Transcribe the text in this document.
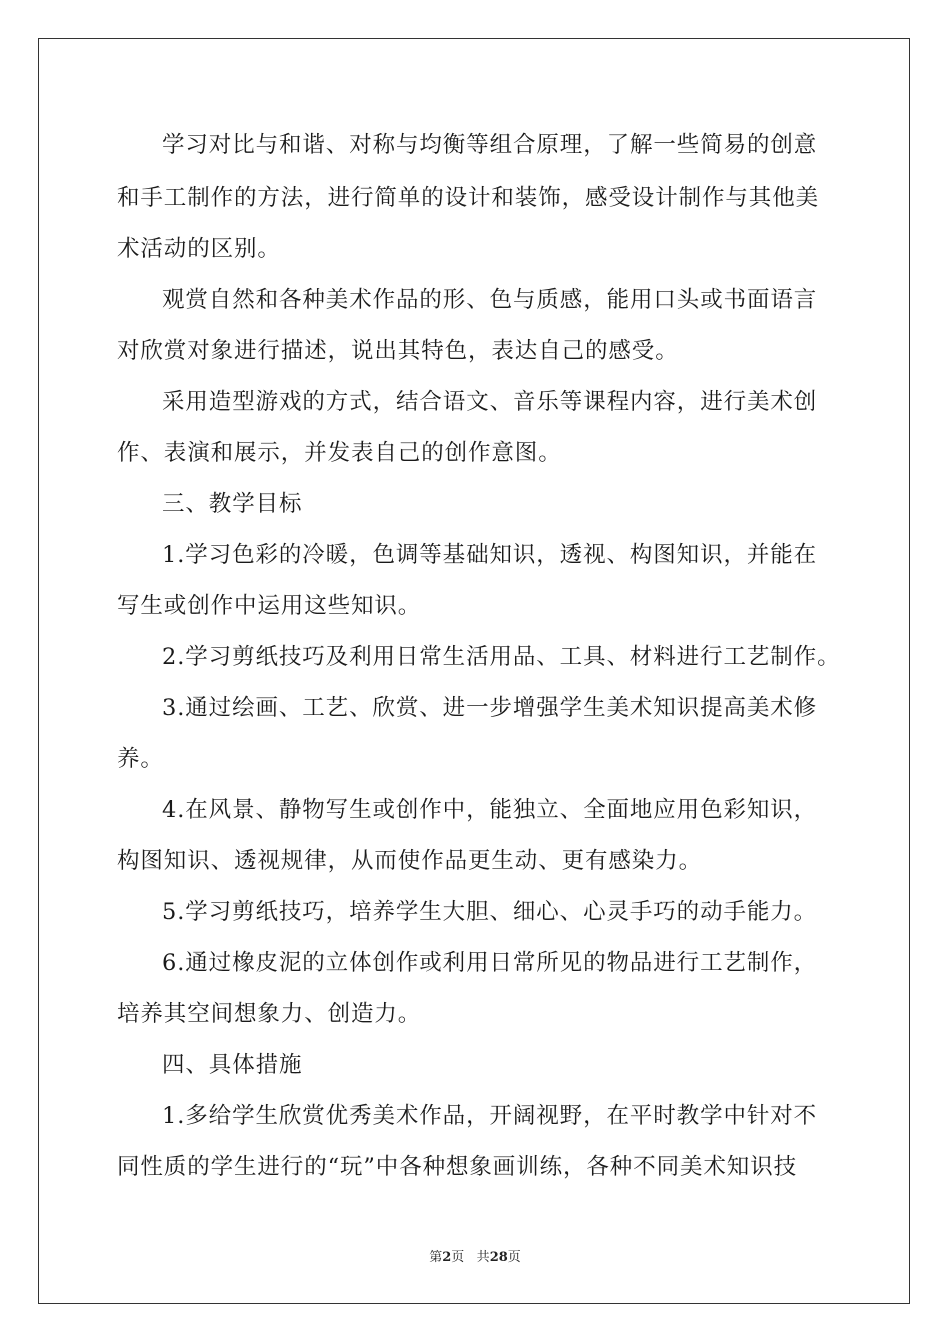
学习对比与和谐、对称与均衡等组合原理，了解一些简易的创意
和手工制作的方法，进行简单的设计和装饰，感受设计制作与其他美
术活动的区别。
观赏自然和各种美术作品的形、色与质感，能用口头或书面语言
对欣赏对象进行描述，说出其特色，表达自己的感受。
采用造型游戏的方式，结合语文、音乐等课程内容，进行美术创
作、表演和展示，并发表自己的创作意图。
三、教学目标
1.学习色彩的冷暖，色调等基础知识，透视、构图知识，并能在
写生或创作中运用这些知识。
2.学习剪纸技巧及利用日常生活用品、工具、材料进行工艺制作。
3.通过绘画、工艺、欣赏、进一步增强学生美术知识提高美术修
养。
4.在风景、静物写生或创作中，能独立、全面地应用色彩知识，
构图知识、透视规律，从而使作品更生动、更有感染力。
5.学习剪纸技巧，培养学生大胆、细心、心灵手巧的动手能力。
6.通过橡皮泥的立体创作或利用日常所见的物品进行工艺制作，
培养其空间想象力、创造力。
四、具体措施
1.多给学生欣赏优秀美术作品，开阔视野，在平时教学中针对不
同性质的学生进行的“玩”中各种想象画训练，各种不同美术知识技
第2页 共28页
